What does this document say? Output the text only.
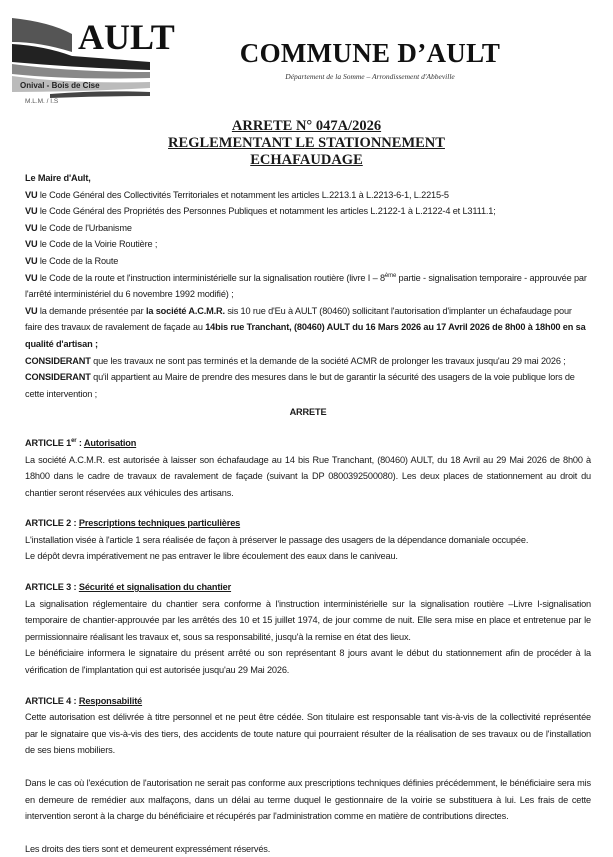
AULT
Onival - Bois de Cise
COMMUNE D’AULT
Département de la Somme – Arrondissement d'Abbeville
M.L.M. / I.S
ARRETE N° 047A/2026
REGLEMENTANT LE STATIONNEMENT
ECHAFAUDAGE

Le Maire d'Ault,

VU le Code Général des Collectivités Territoriales et notamment les articles L.2213.1 à L.2213-6-1, L.2215-5

VU le Code Général des Propriétés des Personnes Publiques et notamment les articles L.2122-1 à L.2122-4 et L3111.1;

VU le Code de l'Urbanisme

VU le Code de la Voirie Routière ;

VU le Code de la Route

VU le Code de la route et l'instruction interministérielle sur la signalisation routière (livre I – 8ème partie - signalisation temporaire - approuvée par l'arrêté interministériel du 6 novembre 1992 modifié) ;

VU la demande présentée par la société A.C.M.R. sis 10 rue d'Eu à AULT (80460) sollicitant l'autorisation d'implanter un échafaudage pour faire des travaux de ravalement de façade au 14bis rue Tranchant, (80460) AULT du 16 Mars 2026 au 17 Avril 2026 de 8h00 à 18h00 en sa qualité d'artisan ;

CONSIDERANT que les travaux ne sont pas terminés et la demande de la société ACMR de prolonger les travaux jusqu'au 29 mai 2026 ;

CONSIDERANT qu'il appartient au Maire de prendre des mesures dans le but de garantir la sécurité des usagers de la voie publique lors de cette intervention ;

ARRETE
ARTICLE 1er : Autorisation

La société A.C.M.R. est autorisée à laisser son échafaudage au 14 bis Rue Tranchant, (80460) AULT, du 18 Avril au 29 Mai 2026 de 8h00 à 18h00 dans le cadre de travaux de ravalement de façade (suivant la DP 0800392500080). Les deux places de stationnement au droit du chantier seront réservées aux véhicules des artisans.

ARTICLE 2 : Prescriptions techniques particulières

L'installation visée à l'article 1 sera réalisée de façon à préserver le passage des usagers de la dépendance domaniale occupée.

Le dépôt devra impérativement ne pas entraver le libre écoulement des eaux dans le caniveau.

ARTICLE 3 : Sécurité et signalisation du chantier

La signalisation réglementaire du chantier sera conforme à l'instruction interministérielle sur la signalisation routière –Livre I-signalisation temporaire de chantier-approuvée par les arrêtés des 10 et 15 juillet 1974, de jour comme de nuit. Elle sera mise en place et entretenue par le permissionnaire réalisant les travaux et, sous sa responsabilité, jusqu'à la remise en état des lieux.

Le bénéficiaire informera le signataire du présent arrêté ou son représentant 8 jours avant le début du stationnement afin de procéder à la vérification de l'implantation qui est autorisée jusqu'au 29 Mai 2026.

ARTICLE 4 : Responsabilité

Cette autorisation est délivrée à titre personnel et ne peut être cédée. Son titulaire est responsable tant vis-à-vis de la collectivité représentée par le signataire que vis-à-vis des tiers, des accidents de toute nature qui pourraient résulter de la réalisation de ses travaux ou de l'installation de ses biens mobiliers.

Dans le cas où l'exécution de l'autorisation ne serait pas conforme aux prescriptions techniques définies précédemment, le bénéficiaire sera mis en demeure de remédier aux malfaçons, dans un délai au terme duquel le gestionnaire de la voirie se substituera à lui. Les frais de cette intervention seront à la charge du bénéficiaire et récupérés par l'administration comme en matière de contributions directes.

Les droits des tiers sont et demeurent expressément réservés.
